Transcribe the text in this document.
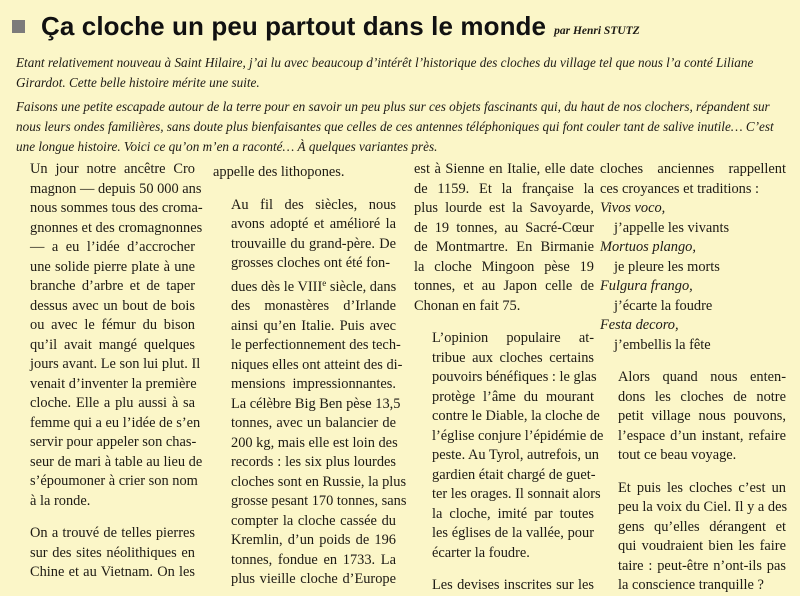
Ça cloche un peu partout dans le monde par Henri STUTZ

Etant relativement nouveau à Saint Hilaire, j’ai lu avec beaucoup d’intérêt l’historique des cloches du village tel que nous l’a conté Liliane Girardot. Cette belle histoire mérite une suite.

Faisons une petite escapade autour de la terre pour en savoir un peu plus sur ces objets fascinants qui, du haut de nos clochers, répandent sur nous leurs ondes familières, sans doute plus bienfaisantes que celles de ces antennes téléphoniques qui font couler tant de salive inutile… C’est une longue histoire. Voici ce qu’on m’en a raconté… À quelques variantes près.

Un jour notre ancêtre Cro
magnon — depuis 50 000 ans
nous sommes tous des croma-
gnonnes et des cromagnonnes
— a eu l’idée d’accrocher
une solide pierre plate à une
branche d’arbre et de taper
dessus avec un bout de bois
ou avec le fémur du bison
qu’il avait mangé quelques
jours avant. Le son lui plut. Il
venait d’inventer la première
cloche. Elle a plu aussi à sa
femme qui a eu l’idée de s’en
servir pour appeler son chas-
seur de mari à table au lieu de
s’époumoner à crier son nom
à la ronde.

On a trouvé de telles pierres
sur des sites néolithiques en
Chine et au Vietnam. On les

appelle des lithopones.

Au fil des siècles, nous
avons adopté et amélioré la
trouvaille du grand-père. De
grosses cloches ont été fon-
dues dès le VIIIe siècle, dans
des monastères d’Irlande
ainsi qu’en Italie. Puis avec
le perfectionnement des tech-
niques elles ont atteint des di-
mensions impressionnantes.
La célèbre Big Ben pèse 13,5
tonnes, avec un balancier de
200 kg, mais elle est loin des
records : les six plus lourdes
cloches sont en Russie, la plus
grosse pesant 170 tonnes, sans
compter la cloche cassée du
Kremlin, d’un poids de 196
tonnes, fondue en 1733. La
plus vieille cloche d’Europe

est à Sienne en Italie, elle date
de 1159. Et la française la
plus lourde est la Savoyarde,
de 19 tonnes, au Sacré-Cœur
de Montmartre. En Birmanie
la cloche Mingoon pèse 19
tonnes, et au Japon celle de
Chonan en fait 75.

L’opinion populaire at-
tribue aux cloches certains
pouvoirs bénéfiques : le glas
protège l’âme du mourant
contre le Diable, la cloche de
l’église conjure l’épidémie de
peste. Au Tyrol, autrefois, un
gardien était chargé de guet-
ter les orages. Il sonnait alors
la cloche, imité par toutes
les églises de la vallée, pour
écarter la foudre.

Les devises inscrites sur les

cloches anciennes rappellent
ces croyances et traditions :

Vivos voco,
j’appelle les vivants
Mortuos plango,
je pleure les morts
Fulgura frango,
j’écarte la foudre
Festa decoro,
j’embellis la fête

Alors quand nous enten-
dons les cloches de notre
petit village nous pouvons,
l’espace d’un instant, refaire
tout ce beau voyage.

Et puis les cloches c’est un
peu la voix du Ciel. Il y a des
gens qu’elles dérangent et
qui voudraient bien les faire
taire : peut-être n’ont-ils pas
la conscience tranquille ?
